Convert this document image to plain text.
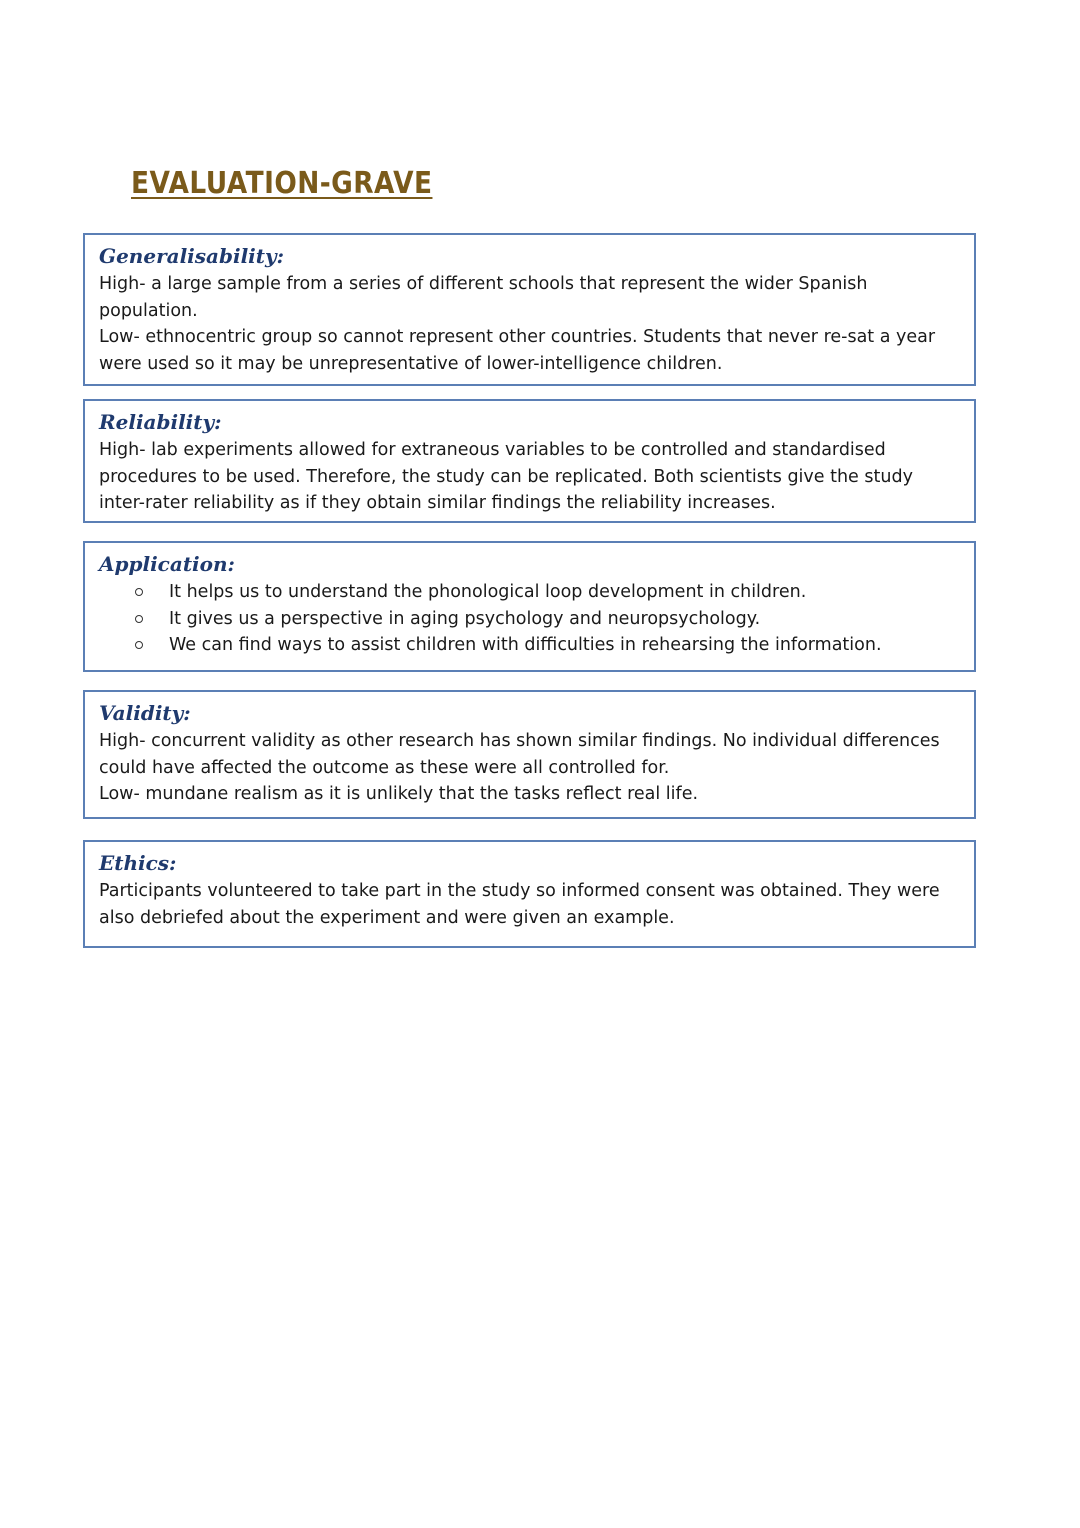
EVALUATION-GRAVE

Generalisability:

High- a large sample from a series of different schools that represent the wider Spanish population.

Low- ethnocentric group so cannot represent other countries. Students that never re-sat a year were used so it may be unrepresentative of lower-intelligence children.

Reliability:

High- lab experiments allowed for extraneous variables to be controlled and standardised procedures to be used. Therefore, the study can be replicated. Both scientists give the study inter-rater reliability as if they obtain similar findings the reliability increases.

Application:

It helps us to understand the phonological loop development in children.
It gives us a perspective in aging psychology and neuropsychology.
We can find ways to assist children with difficulties in rehearsing the information.

Validity:

High- concurrent validity as other research has shown similar findings. No individual differences could have affected the outcome as these were all controlled for.

Low- mundane realism as it is unlikely that the tasks reflect real life.

Ethics:

Participants volunteered to take part in the study so informed consent was obtained. They were also debriefed about the experiment and were given an example.
